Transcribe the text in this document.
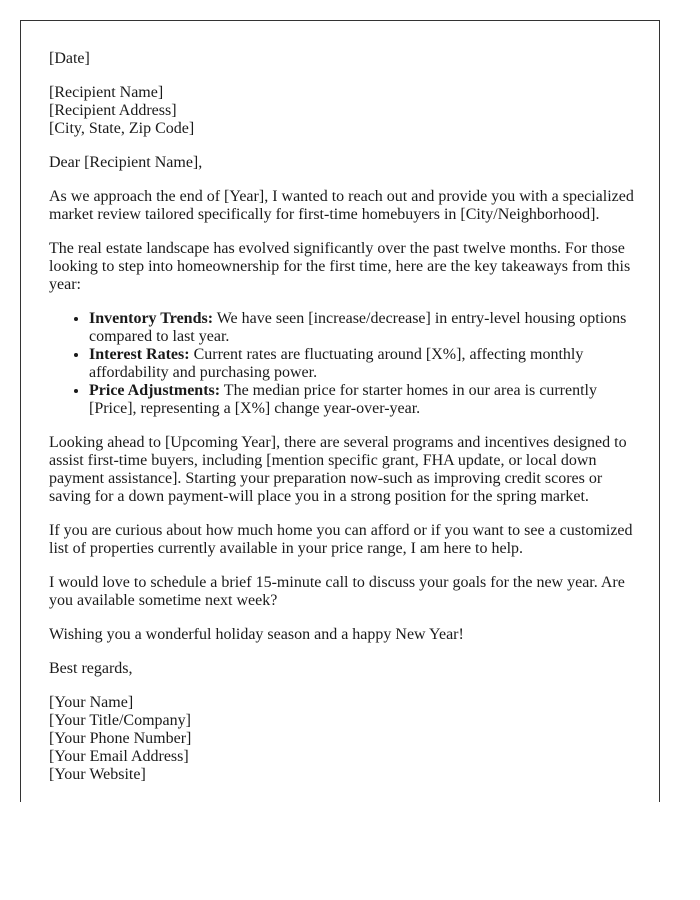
[Date]

[Recipient Name]
[Recipient Address]
[City, State, Zip Code]

Dear [Recipient Name],

As we approach the end of [Year], I wanted to reach out and provide you with a specialized market review tailored specifically for first-time homebuyers in [City/Neighborhood].

The real estate landscape has evolved significantly over the past twelve months. For those looking to step into homeownership for the first time, here are the key takeaways from this year:

• Inventory Trends: We have seen [increase/decrease] in entry-level housing options compared to last year.
• Interest Rates: Current rates are fluctuating around [X%], affecting monthly affordability and purchasing power.
• Price Adjustments: The median price for starter homes in our area is currently [Price], representing a [X%] change year-over-year.

Looking ahead to [Upcoming Year], there are several programs and incentives designed to assist first-time buyers, including [mention specific grant, FHA update, or local down payment assistance]. Starting your preparation now-such as improving credit scores or saving for a down payment-will place you in a strong position for the spring market.

If you are curious about how much home you can afford or if you want to see a customized list of properties currently available in your price range, I am here to help.

I would love to schedule a brief 15-minute call to discuss your goals for the new year. Are you available sometime next week?

Wishing you a wonderful holiday season and a happy New Year!

Best regards,

[Your Name]
[Your Title/Company]
[Your Phone Number]
[Your Email Address]
[Your Website]
